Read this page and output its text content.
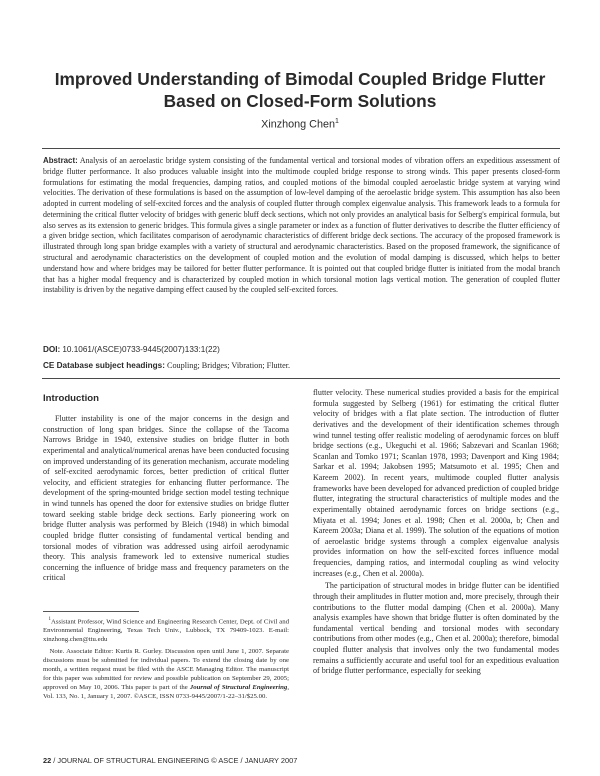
Improved Understanding of Bimodal Coupled Bridge Flutter
Based on Closed-Form Solutions
Xinzhong Chen$^1$
Abstract: Analysis of an aeroelastic bridge system consisting of the fundamental vertical and torsional modes of vibration offers an expeditious assessment of bridge flutter performance. It also produces valuable insight into the multimode coupled bridge response to strong winds. This paper presents closed-form formulations for estimating the modal frequencies, damping ratios, and coupled motions of the bimodal coupled aeroelastic bridge system at varying wind velocities. The derivation of these formulations is based on the assumption of low-level damping of the aeroelastic bridge system. This assumption has also been adopted in current modeling of self-excited forces and the analysis of coupled flutter through complex eigenvalue analysis. This framework leads to a formula for determining the critical flutter velocity of bridges with generic bluff deck sections, which not only provides an analytical basis for Selberg's empirical formula, but also serves as its extension to generic bridges. This formula gives a single parameter or index as a function of flutter derivatives to describe the flutter efficiency of a given bridge section, which facilitates comparison of aerodynamic characteristics of different bridge deck sections. The accuracy of the proposed framework is illustrated through long span bridge examples with a variety of structural and aerodynamic characteristics. Based on the proposed framework, the significance of structural and aerodynamic characteristics on the development of coupled motion and the evolution of modal damping is discussed, which helps to better understand how and where bridges may be tailored for better flutter performance. It is pointed out that coupled bridge flutter is initiated from the modal branch that has a higher modal frequency and is characterized by coupled motion in which torsional motion lags vertical motion. The generation of coupled flutter instability is driven by the negative damping effect caused by the coupled self-excited forces.
DOI: 10.1061/(ASCE)0733-9445(2007)133:1(22)
CE Database subject headings: Coupling; Bridges; Vibration; Flutter.
Introduction

Flutter instability is one of the major concerns in the design and construction of long span bridges. Since the collapse of the Tacoma Narrows Bridge in 1940, extensive studies on bridge flutter in both experimental and analytical/numerical arenas have been conducted focusing on improved understanding of its generation mechanism, accurate modeling of self-excited aerodynamic forces, better prediction of critical flutter velocity, and efficient strategies for enhancing flutter performance. The development of the spring-mounted bridge section model testing technique in wind tunnels has opened the door for extensive studies on bridge flutter toward seeking stable bridge deck sections. Early pioneering work on bridge flutter analysis was performed by Bleich (1948) in which bimodal coupled bridge flutter consisting of fundamental vertical bending and torsional modes of vibration was addressed using airfoil aerodynamic theory. This analysis framework led to extensive numerical studies concerning the influence of bridge mass and frequency parameters on the critical

$^1$Assistant Professor, Wind Science and Engineering Research Center, Dept. of Civil and Environmental Engineering, Texas Tech Univ., Lubbock, TX 79409-1023. E-mail: xinzhong.chen@ttu.edu

Note. Associate Editor: Kurtis R. Gurley. Discussion open until June 1, 2007. Separate discussions must be submitted for individual papers. To extend the closing date by one month, a written request must be filed with the ASCE Managing Editor. The manuscript for this paper was submitted for review and possible publication on September 29, 2005; approved on May 10, 2006. This paper is part of the Journal of Structural Engineering, Vol. 133, No. 1, January 1, 2007. ©ASCE, ISSN 0733-9445/2007/1-22–31/$25.00.

flutter velocity. These numerical studies provided a basis for the empirical formula suggested by Selberg (1961) for estimating the critical flutter velocity of bridges with a flat plate section. The introduction of flutter derivatives and the development of their identification schemes through wind tunnel testing offer realistic modeling of aerodynamic forces on bluff bridge sections (e.g., Ukeguchi et al. 1966; Sabzevari and Scanlan 1968; Scanlan and Tomko 1971; Scanlan 1978, 1993; Davenport and King 1984; Sarkar et al. 1994; Jakobsen 1995; Matsumoto et al. 1995; Chen and Kareem 2002). In recent years, multimode coupled flutter analysis frameworks have been developed for advanced prediction of coupled bridge flutter, integrating the structural characteristics of multiple modes and the experimentally obtained aerodynamic forces on bridge sections (e.g., Miyata et al. 1994; Jones et al. 1998; Chen et al. 2000a, b; Chen and Kareem 2003a; Diana et al. 1999). The solution of the equations of motion of aeroelastic bridge systems through a complex eigenvalue analysis provides information on how the self-excited forces influence modal frequencies, damping ratios, and intermodal coupling as wind velocity increases (e.g., Chen et al. 2000a).

The participation of structural modes in bridge flutter can be identified through their amplitudes in flutter motion and, more precisely, through their contributions to the flutter modal damping (Chen et al. 2000a). Many analysis examples have shown that bridge flutter is often dominated by the fundamental vertical bending and torsional modes with secondary contributions from other modes (e.g., Chen et al. 2000a); therefore, bimodal coupled flutter analysis that involves only the two fundamental modes remains a sufficiently accurate and useful tool for an expeditious evaluation of bridge flutter performance, especially for seeking

22 / JOURNAL OF STRUCTURAL ENGINEERING © ASCE / JANUARY 2007
